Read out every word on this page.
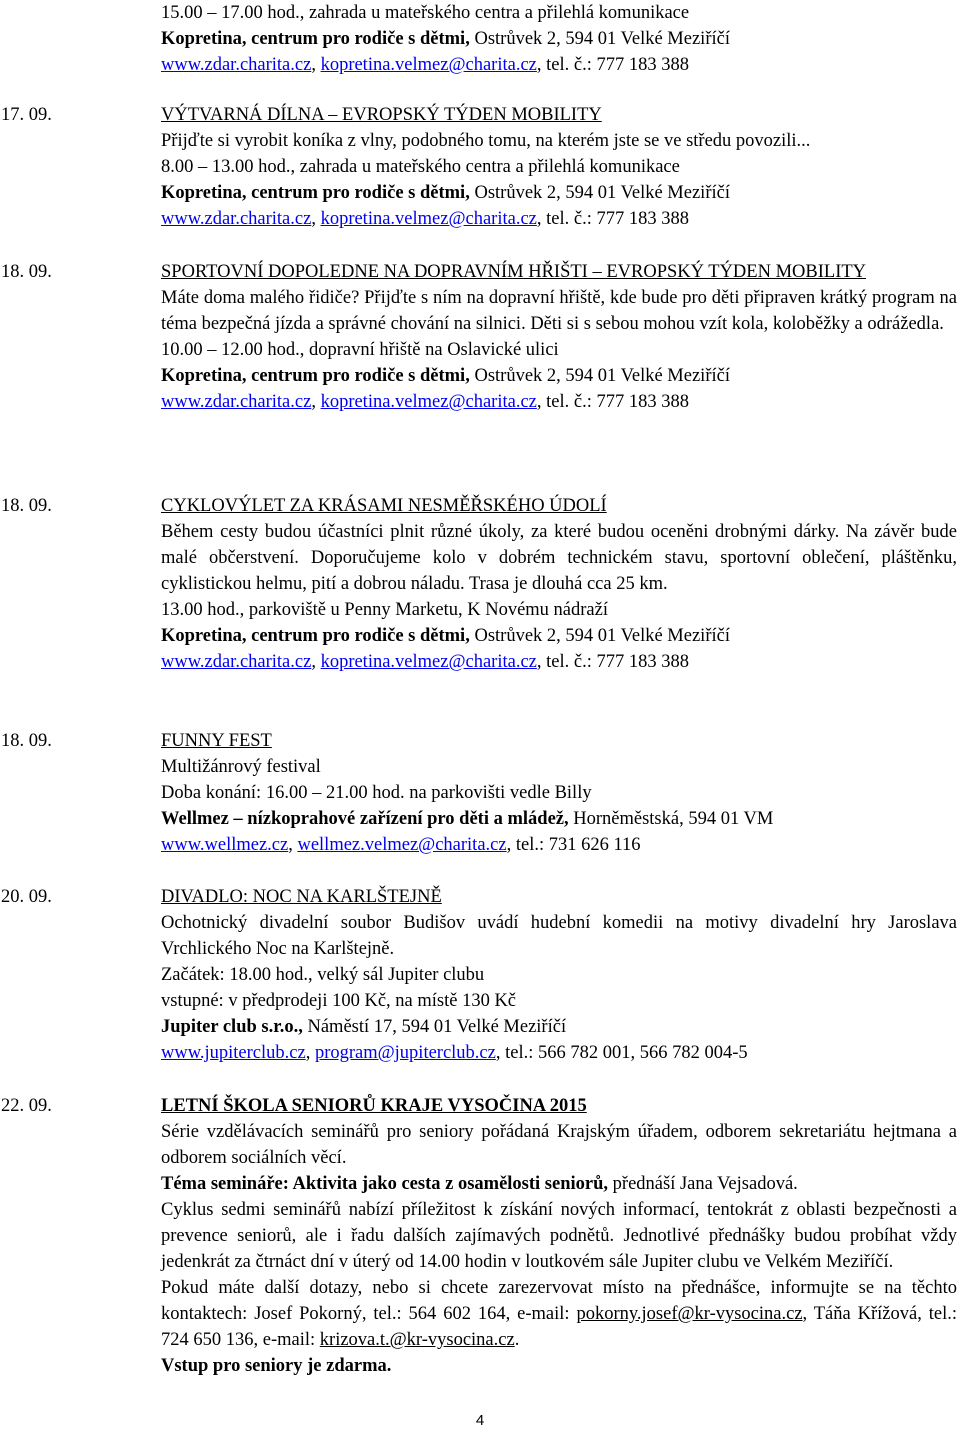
15.00 – 17.00 hod., zahrada u mateřského centra a přilehlá komunikace
Kopretina, centrum pro rodiče s dětmi, Ostrůvek 2, 594 01 Velké Meziříčí
www.zdar.charita.cz, kopretina.velmez@charita.cz, tel. č.: 777 183 388
17. 09.	VÝTVARNÁ DÍLNA – EVROPSKÝ TÝDEN MOBILITY
Přijďte si vyrobit koníka z vlny, podobného tomu, na kterém jste se ve středu povozili...
8.00 – 13.00 hod., zahrada u mateřského centra a přilehlá komunikace
Kopretina, centrum pro rodiče s dětmi, Ostrůvek 2, 594 01 Velké Meziříčí
www.zdar.charita.cz, kopretina.velmez@charita.cz, tel. č.: 777 183 388
18. 09.	SPORTOVNÍ DOPOLEDNE NA DOPRAVNÍM HŘIŠTI – EVROPSKÝ TÝDEN MOBILITY
Máte doma malého řidiče? Přijďte s ním na dopravní hřiště, kde bude pro děti připraven krátký program na téma bezpečná jízda a správné chování na silnici. Děti si s sebou mohou vzít kola, koloběžky a odrážedla.
10.00 – 12.00 hod., dopravní hřiště na Oslavické ulici
Kopretina, centrum pro rodiče s dětmi, Ostrůvek 2, 594 01 Velké Meziříčí
www.zdar.charita.cz, kopretina.velmez@charita.cz, tel. č.: 777 183 388
18. 09.	CYKLOVÝLET ZA KRÁSAMI NESMĚŘSKÉHO ÚDOLÍ
Během cesty budou účastníci plnit různé úkoly, za které budou oceněni drobnými dárky. Na závěr bude malé občerstvení. Doporučujeme kolo v dobrém technickém stavu, sportovní oblečení, pláštěnku, cyklistickou helmu, pití a dobrou náladu. Trasa je dlouhá cca 25 km.
13.00 hod., parkoviště u Penny Marketu, K Novému nádraží
Kopretina, centrum pro rodiče s dětmi, Ostrůvek 2, 594 01 Velké Meziříčí
www.zdar.charita.cz, kopretina.velmez@charita.cz, tel. č.: 777 183 388
18. 09.	FUNNY FEST
Multižánrový festival
Doba konání: 16.00 – 21.00 hod. na parkovišti vedle Billy
Wellmez – nízkoprahové zařízení pro děti a mládež, Horněměstská, 594 01 VM
www.wellmez.cz, wellmez.velmez@charita.cz, tel.: 731 626 116
20. 09.	DIVADLO: NOC NA KARLŠTEJNĚ
Ochotnický divadelní soubor Budišov uvádí hudební komedii na motivy divadelní hry Jaroslava Vrchlického Noc na Karlštejně.
Začátek: 18.00 hod., velký sál Jupiter clubu
vstupné: v předprodeji 100 Kč, na místě 130 Kč
Jupiter club s.r.o., Náměstí 17, 594 01 Velké Meziříčí
www.jupiterclub.cz, program@jupiterclub.cz, tel.: 566 782 001, 566 782 004-5
22. 09.	LETNÍ ŠKOLA SENIORŮ KRAJE VYSOČINA 2015
Série vzdělávacích seminářů pro seniory pořádaná Krajským úřadem, odborem sekretariátu hejtmana a odborem sociálních věcí.
Téma semináře: Aktivita jako cesta z osamělosti seniorů, přednáší Jana Vejsadová.
Cyklus sedmi seminářů nabízí příležitost k získání nových informací, tentokrát z oblasti bezpečnosti a prevence seniorů, ale i řadu dalších zajímavých podnětů. Jednotlivé přednášky budou probíhat vždy jedenkrát za čtrnáct dní v úterý od 14.00 hodin v loutkovém sále Jupiter clubu ve Velkém Meziříčí.
Pokud máte další dotazy, nebo si chcete zarezervovat místo na přednášce, informujte se na těchto kontaktech: Josef Pokorný, tel.: 564 602 164, e-mail: pokorny.josef@kr-vysocina.cz, Táňa Křížová, tel.: 724 650 136, e-mail: krizova.t.@kr-vysocina.cz.
Vstup pro seniory je zdarma.
4
